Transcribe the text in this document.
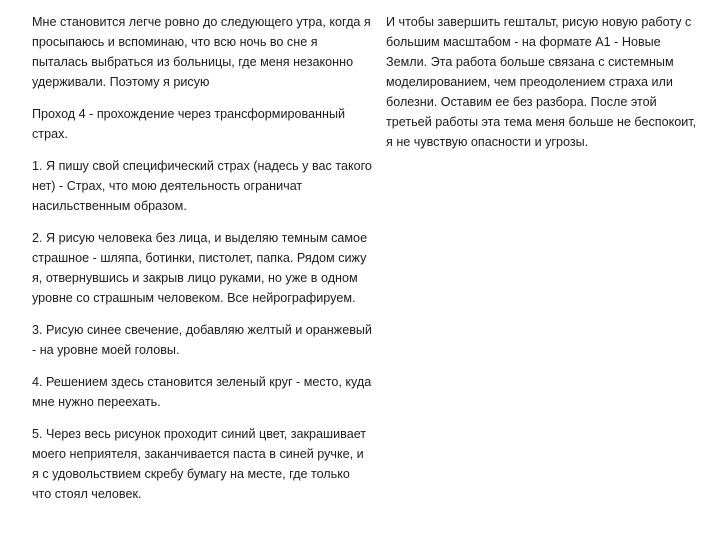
Мне становится легче ровно до следующего утра, когда я просыпаюсь и вспоминаю, что всю ночь во сне я пыталась выбраться из больницы, где меня незаконно удерживали. Поэтому я рисую

Проход 4 - прохождение через трансформированный страх.

1. Я пишу свой специфический страх (надесь у вас такого нет) - Страх, что мою деятельность ограничат насильственным образом.

2. Я рисую человека без лица, и выделяю темным самое страшное - шляпа, ботинки, пистолет, папка. Рядом сижу я, отвернувшись и закрыв лицо руками, но уже в одном уровне со страшным человеком. Все нейрографируем.

3. Рисую синее свечение, добавляю желтый и оранжевый - на уровне моей головы.

4. Решением здесь становится зеленый круг - место, куда мне нужно переехать.

5. Через весь рисунок проходит синий цвет, закрашивает моего неприятеля, заканчивается паста в синей ручке, и я с удовольствием скребу бумагу на месте, где только что стоял человек.

И чтобы завершить гештальт, рисую новую работу с большим масштабом - на формате А1 - Новые Земли. Эта работа больше связана с системным моделированием, чем преодолением страха или болезни. Оставим ее без разбора. После этой третьей работы эта тема меня больше не беспокоит, я не чувствую опасности и угрозы.
